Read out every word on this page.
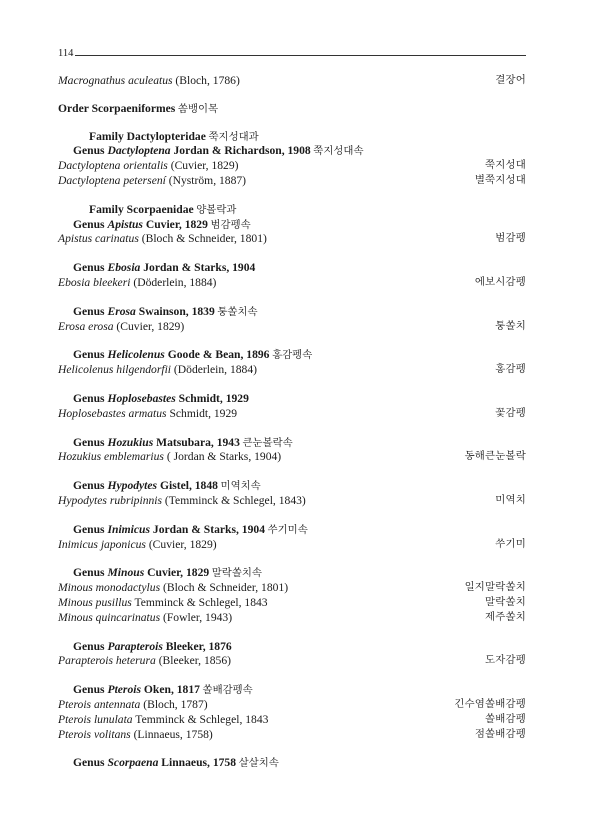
114
Macrognathus aculeatus (Bloch, 1786)	결장어
Order Scorpaeniformes 쏨뱅이목
Family Dactylopteridae 쭉지성대과
Genus Dactyloptena Jordan & Richardson, 1908 쭉지성대속
Dactyloptena orientalis (Cuvier, 1829)	쭉지성대
Dactyloptena petersení (Nyström, 1887)	별쭉지성대
Family Scorpaenidae 양볼락과
Genus Apistus Cuvier, 1829 범감펭속
Apistus carinatus (Bloch & Schneider, 1801)	범감펭
Genus Ebosia Jordan & Starks, 1904
Ebosia bleekeri (Döderlein, 1884)	에보시감펭
Genus Erosa Swainson, 1839 퉁쏠치속
Erosa erosa (Cuvier, 1829)	퉁쏠치
Genus Helicolenus Goode & Bean, 1896 홍감펭속
Helicolenus hilgendorfii (Döderlein, 1884)	홍감펭
Genus Hoplosebastes Schmidt, 1929
Hoplosebastes armatus Schmidt, 1929	꽃감펭
Genus Hozukius Matsubara, 1943 큰눈볼락속
Hozukius emblemarius ( Jordan & Starks, 1904)	동해큰눈볼락
Genus Hypodytes Gistel, 1848 미역치속
Hypodytes rubripinnis (Temminck & Schlegel, 1843)	미역치
Genus Inimicus Jordan & Starks, 1904 쑤기미속
Inimicus japonicus (Cuvier, 1829)	쑤기미
Genus Minous Cuvier, 1829 말락쏠치속
Minous monodactylus (Bloch & Schneider, 1801)	일지말락쏠치
Minous pusillus Temminck & Schlegel, 1843	말락쏠치
Minous quincarinatus (Fowler, 1943)	제주쏠치
Genus Parapterois Bleeker, 1876
Parapterois heterura (Bleeker, 1856)	도자감펭
Genus Pterois Oken, 1817 쏠배감펭속
Pterois antennata (Bloch, 1787)	긴수염쏠배감펭
Pterois lunulata Temminck & Schlegel, 1843	쏠배감펭
Pterois volitans (Linnaeus, 1758)	점쏠배감펭
Genus Scorpaena Linnaeus, 1758 살살치속
